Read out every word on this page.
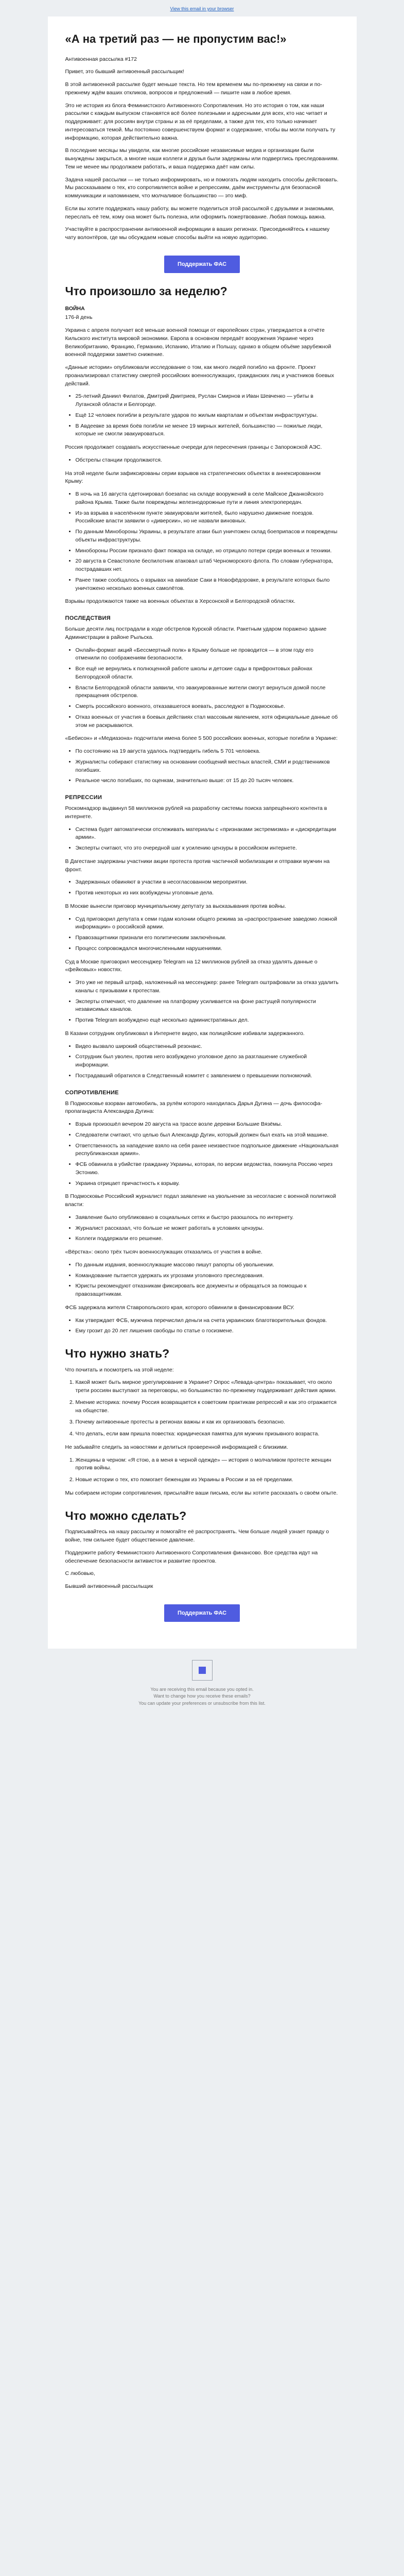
View this email in your browser
«А на третий раз — не пропустим вас!»

Антивоенная рассылка #172

Привет, это бывший антивоенный рассыльщик!

В этой антивоенной рассылке будет меньше текста. Но тем временем мы по-прежнему на связи и по-прежнему ждём ваших откликов, вопросов и предложений — пишите нам в любое время.

Это не история из блога Феминистского Антивоенного Сопротивления. Но это история о том, как наши рассылки с каждым выпуском становятся всё более полезными и адресными для всех, кто нас читает и поддерживает: для россиян внутри страны и за её пределами, а также для тех, кто только начинает интересоваться темой. Мы постоянно совершенствуем формат и содержание, чтобы вы могли получать ту информацию, которая действительно важна.

В последние месяцы мы увидели, как многие российские независимые медиа и организации были вынуждены закрыться, а многие наши коллеги и друзья были задержаны или подверглись преследованиям. Тем не менее мы продолжаем работать, и ваша поддержка даёт нам силы.

Задача нашей рассылки — не только информировать, но и помогать людям находить способы действовать. Мы рассказываем о тех, кто сопротивляется войне и репрессиям, даём инструменты для безопасной коммуникации и напоминаем, что молчаливое большинство — это миф.

Если вы хотите поддержать нашу работу, вы можете поделиться этой рассылкой с друзьями и знакомыми, переслать её тем, кому она может быть полезна, или оформить пожертвование. Любая помощь важна.

Участвуйте в распространении антивоенной информации в ваших регионах. Присоединяйтесь к нашему чату волонтёров, где мы обсуждаем новые способы выйти на новую аудиторию.

Поддержать ФАС
Что произошло за неделю?
ВОЙНА

176-й день

Украина с апреля получает всё меньше военной помощи от европейских стран, утверждается в отчёте Кильского института мировой экономики. Европа в основном передаёт вооружения Украине через Великобританию, Францию, Германию, Испанию, Италию и Польшу, однако в общем объёме зарубежной военной поддержки заметно снижение.

«Данные истории» опубликовали исследование о том, как много людей погибло на фронте. Проект проанализировал статистику смертей российских военнослужащих, гражданских лиц и участников боевых действий.

• 25-летний Даниил Филатов, Дмитрий Дмитриев, Руслан Смирнов и Иван Шевченко — убиты в Луганской области и Белгороде.
• Ещё 12 человек погибли в результате ударов по жилым кварталам и объектам инфраструктуры.
• В Авдеевке за время боёв погибли не менее 19 мирных жителей, большинство — пожилые люди, которые не смогли эвакуироваться.

Россия продолжает создавать искусственные очереди для пересечения границы с Запорожской АЭС.

• Обстрелы станции продолжаются.

На этой неделе были зафиксированы серии взрывов на стратегических объектах в аннексированном Крыму:

• В ночь на 16 августа сдетонировал боезапас на складе вооружений в селе Майское Джанкойского района Крыма. Также были повреждены железнодорожные пути и линия электропередач.
• Из-за взрыва в населённом пункте эвакуировали жителей, было нарушено движение поездов. Российские власти заявили о «диверсии», но не назвали виновных.
• По данным Минобороны Украины, в результате атаки был уничтожен склад боеприпасов и повреждены объекты инфраструктуры.
• Минобороны России признало факт пожара на складе, но отрицало потери среди военных и техники.
• 20 августа в Севастополе беспилотник атаковал штаб Черноморского флота. По словам губернатора, пострадавших нет.
• Ранее также сообщалось о взрывах на авиабазе Саки в Новофёдоровке, в результате которых было уничтожено несколько военных самолётов.

Взрывы продолжаются также на военных объектах в Херсонской и Белгородской областях.

ПОСЛЕДСТВИЯ

Больше десяти лиц пострадали в ходе обстрелов Курской области. Ракетным ударом поражено здание Администрации в районе Рыльска.

• Онлайн-формат акций «Бессмертный полк» в Крыму больше не проводится — в этом году его отменили по соображениям безопасности.
• Все ещё не вернулись к полноценной работе школы и детские сады в прифронтовых районах Белгородской области.
• Власти Белгородской области заявили, что эвакуированные жители смогут вернуться домой после прекращения обстрелов.
• Смерть российского военного, отказавшегося воевать, расследуют в Подмосковье.
• Отказ военных от участия в боевых действиях стал массовым явлением, хотя официальные данные об этом не раскрываются.

«Бебисон» и «Медиазона» подсчитали имена более 5 500 российских военных, которые погибли в Украине:

• По состоянию на 19 августа удалось подтвердить гибель 5 701 человека.
• Журналисты собирают статистику на основании сообщений местных властей, СМИ и родственников погибших.
• Реальное число погибших, по оценкам, значительно выше: от 15 до 20 тысяч человек.
РЕПРЕССИИ

Роскомнадзор выдвинул 58 миллионов рублей на разработку системы поиска запрещённого контента в интернете.

• Система будет автоматически отслеживать материалы с «признаками экстремизма» и «дискредитации армии».
• Эксперты считают, что это очередной шаг к усилению цензуры в российском интернете.

В Дагестане задержаны участники акции протеста против частичной мобилизации и отправки мужчин на фронт.

• Задержанных обвиняют в участии в несогласованном мероприятии.
• Против некоторых из них возбуждены уголовные дела.

В Москве вынесли приговор муниципальному депутату за высказывания против войны.

• Суд приговорил депутата к семи годам колонии общего режима за «распространение заведомо ложной информации» о российской армии.
• Правозащитники признали его политическим заключённым.
• Процесс сопровождался многочисленными нарушениями.

Суд в Москве приговорил мессенджер Telegram на 12 миллионов рублей за отказ удалять данные о «фейковых» новостях.

• Это уже не первый штраф, наложенный на мессенджер: ранее Telegram оштрафовали за отказ удалить каналы с призывами к протестам.
• Эксперты отмечают, что давление на платформу усиливается на фоне растущей популярности независимых каналов.
• Против Telegram возбуждено ещё несколько административных дел.

В Казани сотрудник опубликовал в Интернете видео, как полицейские избивали задержанного.

• Видео вызвало широкий общественный резонанс.
• Сотрудник был уволен, против него возбуждено уголовное дело за разглашение служебной информации.
• Пострадавший обратился в Следственный комитет с заявлением о превышении полномочий.
СОПРОТИВЛЕНИЕ

В Подмосковье взорван автомобиль, за рулём которого находилась Дарья Дугина — дочь философа-пропагандиста Александра Дугина:

• Взрыв произошёл вечером 20 августа на трассе возле деревни Большие Вязёмы.
• Следователи считают, что целью был Александр Дугин, который должен был ехать на этой машине.
• Ответственность за нападение взяло на себя ранее неизвестное подпольное движение «Национальная республиканская армия».
• ФСБ обвинила в убийстве гражданку Украины, которая, по версии ведомства, покинула Россию через Эстонию.
• Украина отрицает причастность к взрыву.

В Подмосковье Российский журналист подал заявление на увольнение за несогласие с военной политикой власти:

• Заявление было опубликовано в социальных сетях и быстро разошлось по интернету.
• Журналист рассказал, что больше не может работать в условиях цензуры.
• Коллеги поддержали его решение.

«Вёрстка»: около трёх тысяч военнослужащих отказались от участия в войне.

• По данным издания, военнослужащие массово пишут рапорты об увольнении.
• Командование пытается удержать их угрозами уголовного преследования.
• Юристы рекомендуют отказникам фиксировать все документы и обращаться за помощью к правозащитникам.

ФСБ задержала жителя Ставропольского края, которого обвинили в финансировании ВСУ.

• Как утверждает ФСБ, мужчина перечислил деньги на счета украинских благотворительных фондов.
• Ему грозит до 20 лет лишения свободы по статье о госизмене.
Что нужно знать?

Что почитать и посмотреть на этой неделе:

1. Какой может быть мирное урегулирование в Украине? Опрос «Левада-центра» показывает, что около трети россиян выступают за переговоры, но большинство по-прежнему поддерживает действия армии.
2. Мнение историка: почему Россия возвращается к советским практикам репрессий и как это отражается на обществе.
3. Почему антивоенные протесты в регионах важны и как их организовать безопасно.
4. Что делать, если вам пришла повестка: юридическая памятка для мужчин призывного возраста.

Не забывайте следить за новостями и делиться проверенной информацией с близкими.

1. Женщины в черном: «Я стою, а в меня в черной одежде» — история о молчаливом протесте женщин против войны.
2. Новые истории о тех, кто помогает беженцам из Украины в России и за её пределами.

Мы собираем истории сопротивления, присылайте ваши письма, если вы хотите рассказать о своём опыте.

Что можно сделать?

Подписывайтесь на нашу рассылку и помогайте её распространять. Чем больше людей узнает правду о войне, тем сильнее будет общественное давление.

Поддержите работу Феминистского Антивоенного Сопротивления финансово. Все средства идут на обеспечение безопасности активисток и развитие проектов.

С любовью,

Бывший антивоенный рассыльщик

Поддержать ФАС
You are receiving this email because you opted in.
Want to change how you receive these emails?
You can update your preferences or unsubscribe from this list.
